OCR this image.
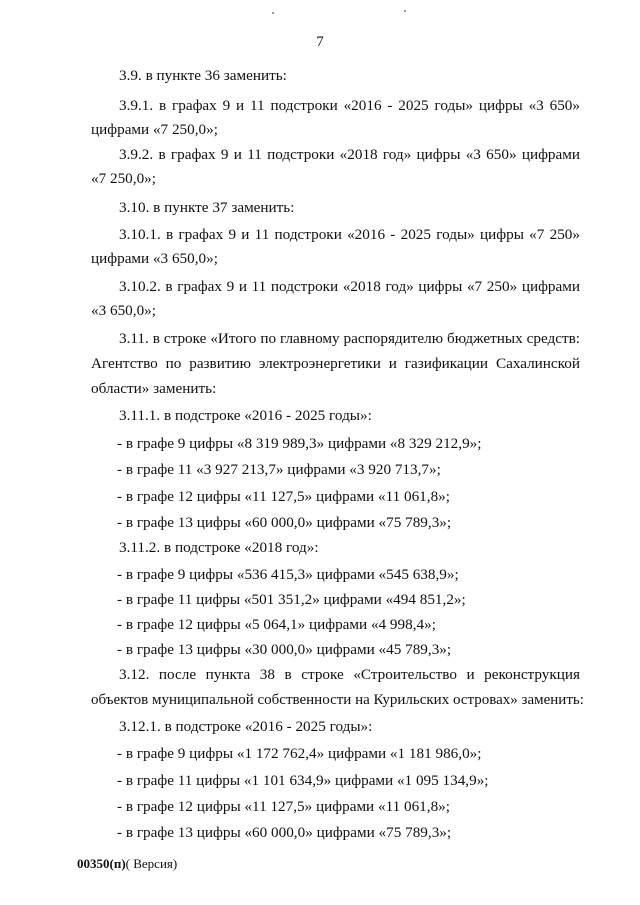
7
3.9. в пункте 36 заменить:
3.9.1. в графах 9 и 11 подстроки «2016 - 2025 годы» цифры «3 650»
цифрами «7 250,0»;
3.9.2. в графах 9 и 11 подстроки «2018 год» цифры «3 650» цифрами
«7 250,0»;
3.10. в пункте 37 заменить:
3.10.1. в графах 9 и 11 подстроки «2016 - 2025 годы» цифры «7 250»
цифрами «3 650,0»;
3.10.2. в графах 9 и 11 подстроки «2018 год» цифры «7 250» цифрами
«3 650,0»;
3.11. в строке «Итого по главному распорядителю бюджетных средств:
Агентство по развитию электроэнергетики и газификации Сахалинской
области» заменить:
3.11.1. в подстроке «2016 - 2025 годы»:
- в графе 9 цифры «8 319 989,3» цифрами «8 329 212,9»;
- в графе 11 «3 927 213,7» цифрами «3 920 713,7»;
- в графе 12 цифры «11 127,5» цифрами «11 061,8»;
- в графе 13 цифры «60 000,0» цифрами «75 789,3»;
3.11.2. в подстроке «2018 год»:
- в графе 9 цифры «536 415,3» цифрами «545 638,9»;
- в графе 11 цифры «501 351,2» цифрами «494 851,2»;
- в графе 12 цифры «5 064,1» цифрами «4 998,4»;
- в графе 13 цифры «30 000,0» цифрами «45 789,3»;
3.12. после пункта 38 в строке «Строительство и реконструкция
объектов муниципальной собственности на Курильских островах» заменить:
3.12.1. в подстроке «2016 - 2025 годы»:
- в графе 9 цифры «1 172 762,4» цифрами «1 181 986,0»;
- в графе 11 цифры «1 101 634,9» цифрами «1 095 134,9»;
- в графе 12 цифры «11 127,5» цифрами «11 061,8»;
- в графе 13 цифры «60 000,0» цифрами «75 789,3»;
00350(п)( Версия)
